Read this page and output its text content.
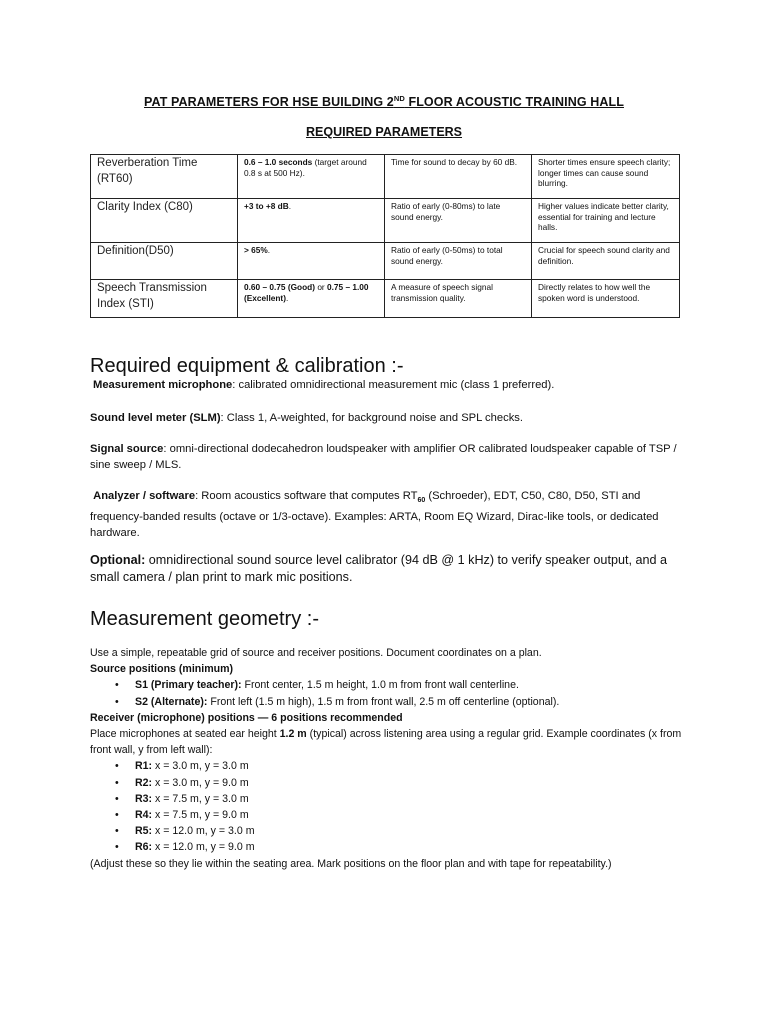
PAT PARAMETERS FOR HSE BUILDING 2ND FLOOR ACOUSTIC TRAINING HALL
REQUIRED PARAMETERS
Reverberation Time (RT60)	0.6 – 1.0 seconds (target around 0.8 s at 500 Hz).	Time for sound to decay by 60 dB.	Shorter times ensure speech clarity; longer times can cause sound blurring.
Clarity Index (C80)	+3 to +8 dB.	Ratio of early (0-80ms) to late sound energy.	Higher values indicate better clarity, essential for training and lecture halls.
Definition(D50)	> 65%.	Ratio of early (0-50ms) to total sound energy.	Crucial for speech sound clarity and definition.
Speech Transmission Index (STI)	0.60 – 0.75 (Good) or 0.75 – 1.00 (Excellent).	A measure of speech signal transmission quality.	Directly relates to how well the spoken word is understood.
Required equipment & calibration :-
Measurement microphone: calibrated omnidirectional measurement mic (class 1 preferred).
Sound level meter (SLM): Class 1, A-weighted, for background noise and SPL checks.
Signal source: omni-directional dodecahedron loudspeaker with amplifier OR calibrated loudspeaker capable of TSP / sine sweep / MLS.
Analyzer / software: Room acoustics software that computes $RT_{60}$ (Schroeder), EDT, C50, C80, D50, STI and frequency-banded results (octave or 1/3-octave). Examples: ARTA, Room EQ Wizard, Dirac-like tools, or dedicated hardware.
Optional: omnidirectional sound source level calibrator (94 dB @ 1 kHz) to verify speaker output, and a small camera / plan print to mark mic positions.
Measurement geometry :-
Use a simple, repeatable grid of source and receiver positions. Document coordinates on a plan.
Source positions (minimum)
• S1 (Primary teacher): Front center, 1.5 m height, 1.0 m from front wall centerline.
• S2 (Alternate): Front left (1.5 m high), 1.5 m from front wall, 2.5 m off centerline (optional).
Receiver (microphone) positions — 6 positions recommended
Place microphones at seated ear height 1.2 m (typical) across listening area using a regular grid. Example coordinates (x from front wall, y from left wall):
• R1: x = 3.0 m, y = 3.0 m
• R2: x = 3.0 m, y = 9.0 m
• R3: x = 7.5 m, y = 3.0 m
• R4: x = 7.5 m, y = 9.0 m
• R5: x = 12.0 m, y = 3.0 m
• R6: x = 12.0 m, y = 9.0 m
(Adjust these so they lie within the seating area. Mark positions on the floor plan and with tape for repeatability.)
